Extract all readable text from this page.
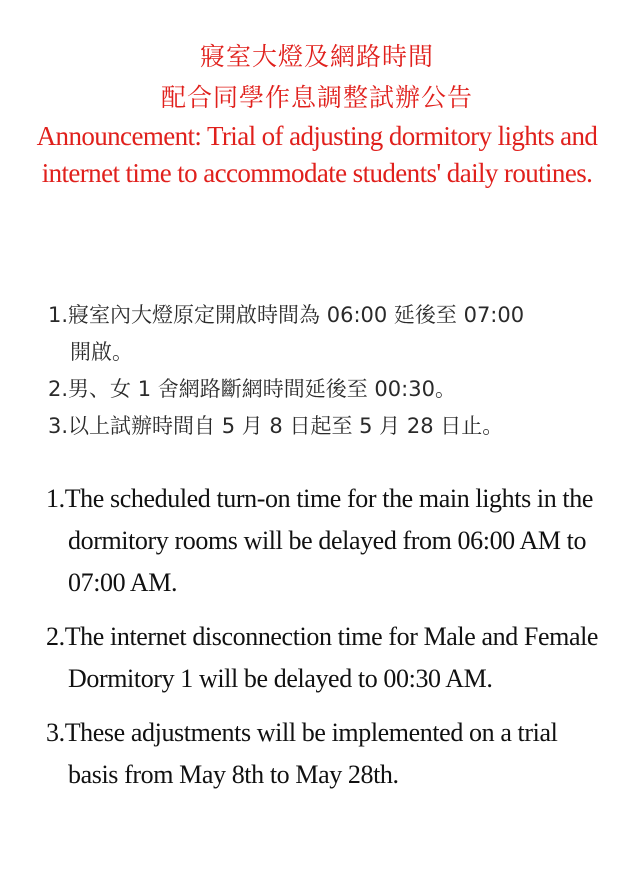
寢室大燈及網路時間
配合同學作息調整試辦公告
Announcement: Trial of adjusting dormitory lights and internet time to accommodate students' daily routines.
1.寢室內大燈原定開啟時間為 06:00 延後至 07:00 開啟。
2.男、女 1 舍網路斷網時間延後至 00:30。
3.以上試辦時間自 5 月 8 日起至 5 月 28 日止。
1.The scheduled turn-on time for the main lights in the dormitory rooms will be delayed from 06:00 AM to 07:00 AM.
2.The internet disconnection time for Male and Female Dormitory 1 will be delayed to 00:30 AM.
3.These adjustments will be implemented on a trial basis from May 8th to May 28th.
